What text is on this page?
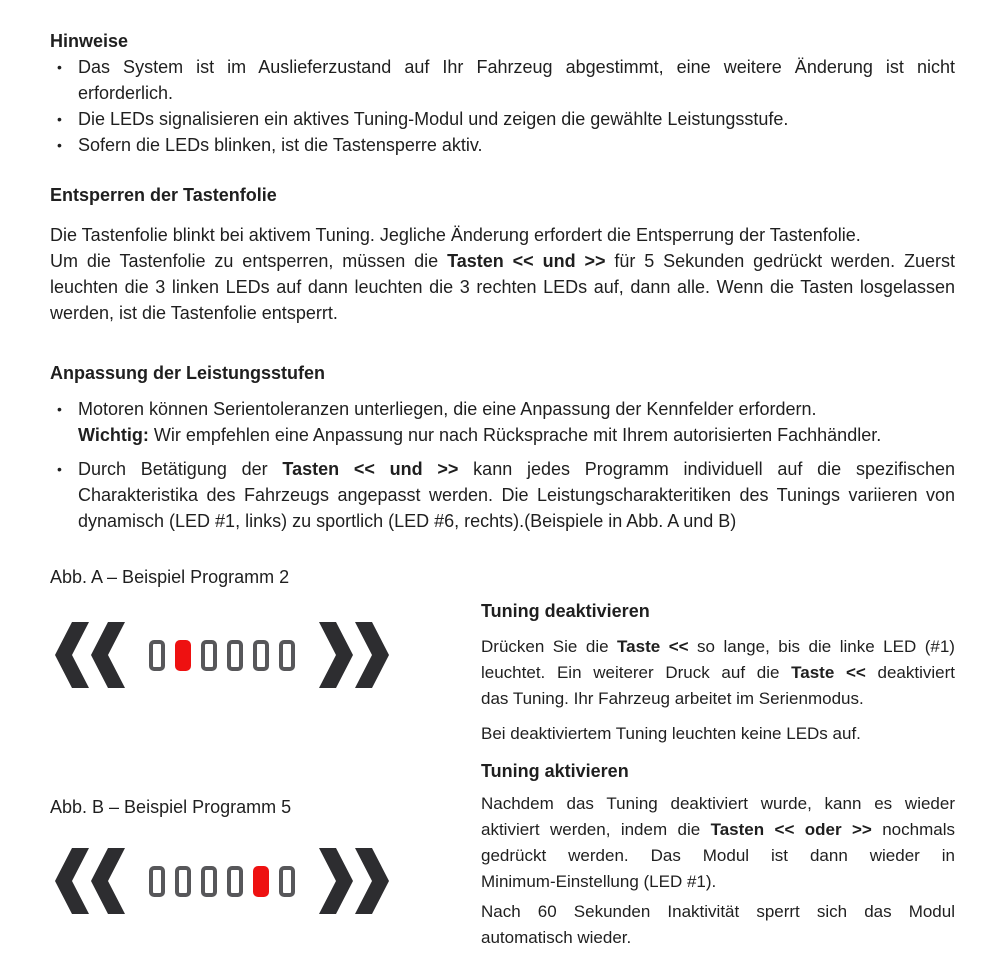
Hinweise
• Das System ist im Auslieferzustand auf Ihr Fahrzeug abgestimmt, eine weitere Änderung ist nicht
erforderlich.
• Die LEDs signalisieren ein aktives Tuning-Modul und zeigen die gewählte Leistungsstufe.
• Sofern die LEDs blinken, ist die Tastensperre aktiv.
Entsperren der Tastenfolie
Die Tastenfolie blinkt bei aktivem Tuning. Jegliche Änderung erfordert die Entsperrung der Tastenfolie.
Um die Tastenfolie zu entsperren, müssen die Tasten << und >> für 5 Sekunden gedrückt werden. Zuerst
leuchten die 3 linken LEDs auf dann leuchten die 3 rechten LEDs auf, dann alle. Wenn die Tasten losgelassen
werden, ist die Tastenfolie entsperrt.
Anpassung der Leistungsstufen
• Motoren können Serientoleranzen unterliegen, die eine Anpassung der Kennfelder erfordern.
Wichtig: Wir empfehlen eine Anpassung nur nach Rücksprache mit Ihrem autorisierten Fachhändler.
• Durch Betätigung der Tasten << und >> kann jedes Programm individuell auf die spezifischen
Charakteristika des Fahrzeugs angepasst werden. Die Leistungscharakteritiken des Tunings variieren von
dynamisch (LED #1, links) zu sportlich (LED #6, rechts).(Beispiele in Abb. A und B)
Abb. A – Beispiel Programm 2
Abb. B – Beispiel Programm 5
Tuning deaktivieren
Drücken Sie die Taste << so lange, bis die linke LED (#1)
leuchtet. Ein weiterer Druck auf die Taste << deaktiviert
das Tuning. Ihr Fahrzeug arbeitet im Serienmodus.
Bei deaktiviertem Tuning leuchten keine LEDs auf.
Tuning aktivieren
Nachdem das Tuning deaktiviert wurde, kann es wieder
aktiviert werden, indem die Tasten << oder >> nochmals
gedrückt werden. Das Modul ist dann wieder in
Minimum-Einstellung (LED #1).
Nach 60 Sekunden Inaktivität sperrt sich das Modul
automatisch wieder.
